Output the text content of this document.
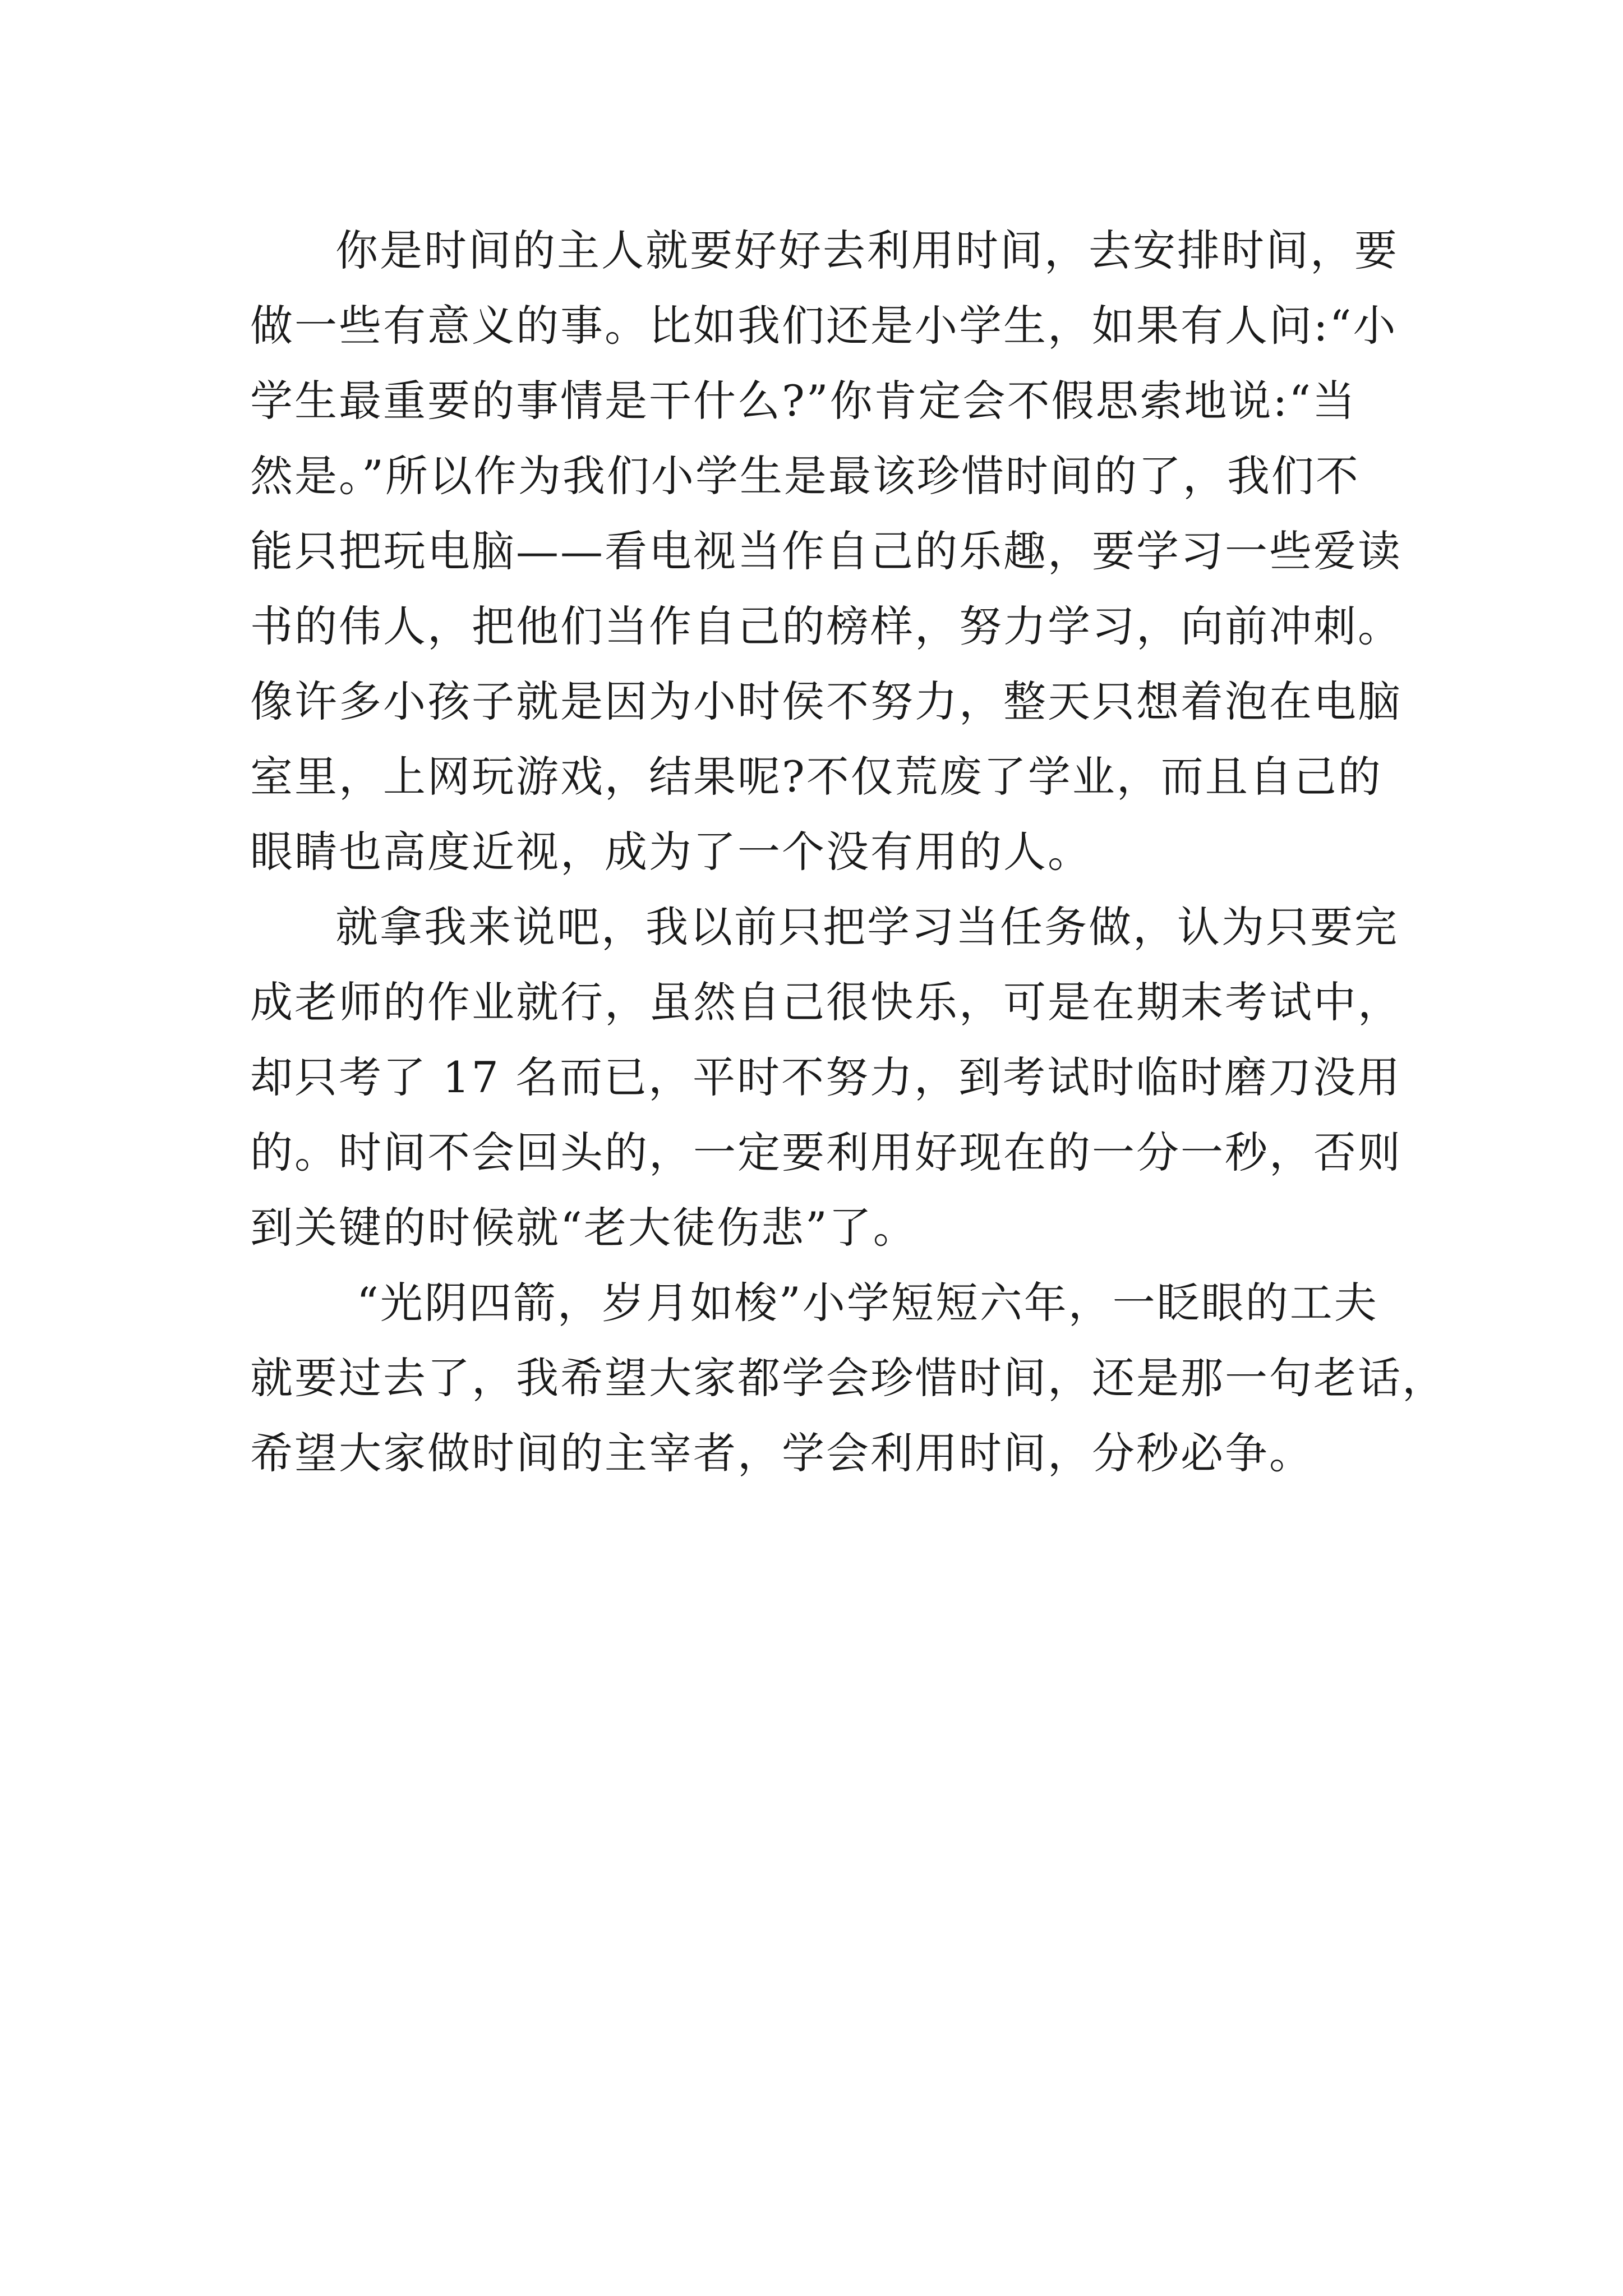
你是时间的主人就要好好去利用时间，去安排时间，要
做一些有意义的事。比如我们还是小学生，如果有人问:“小
学生最重要的事情是干什么?”你肯定会不假思索地说:“当
然是。”所以作为我们小学生是最该珍惜时间的了，我们不
能只把玩电脑——看电视当作自己的乐趣，要学习一些爱读
书的伟人，把他们当作自己的榜样，努力学习，向前冲刺。
像许多小孩子就是因为小时侯不努力，整天只想着泡在电脑
室里，上网玩游戏，结果呢?不仅荒废了学业，而且自己的
眼睛也高度近视，成为了一个没有用的人。
就拿我来说吧，我以前只把学习当任务做，认为只要完
成老师的作业就行，虽然自己很快乐，可是在期末考试中，
却只考了 17 名而已，平时不努力，到考试时临时磨刀没用
的。时间不会回头的，一定要利用好现在的一分一秒，否则
到关键的时候就“老大徒伤悲”了。
“光阴四箭，岁月如梭”小学短短六年，一眨眼的工夫
就要过去了，我希望大家都学会珍惜时间，还是那一句老话，
希望大家做时间的主宰者，学会利用时间，分秒必争。
